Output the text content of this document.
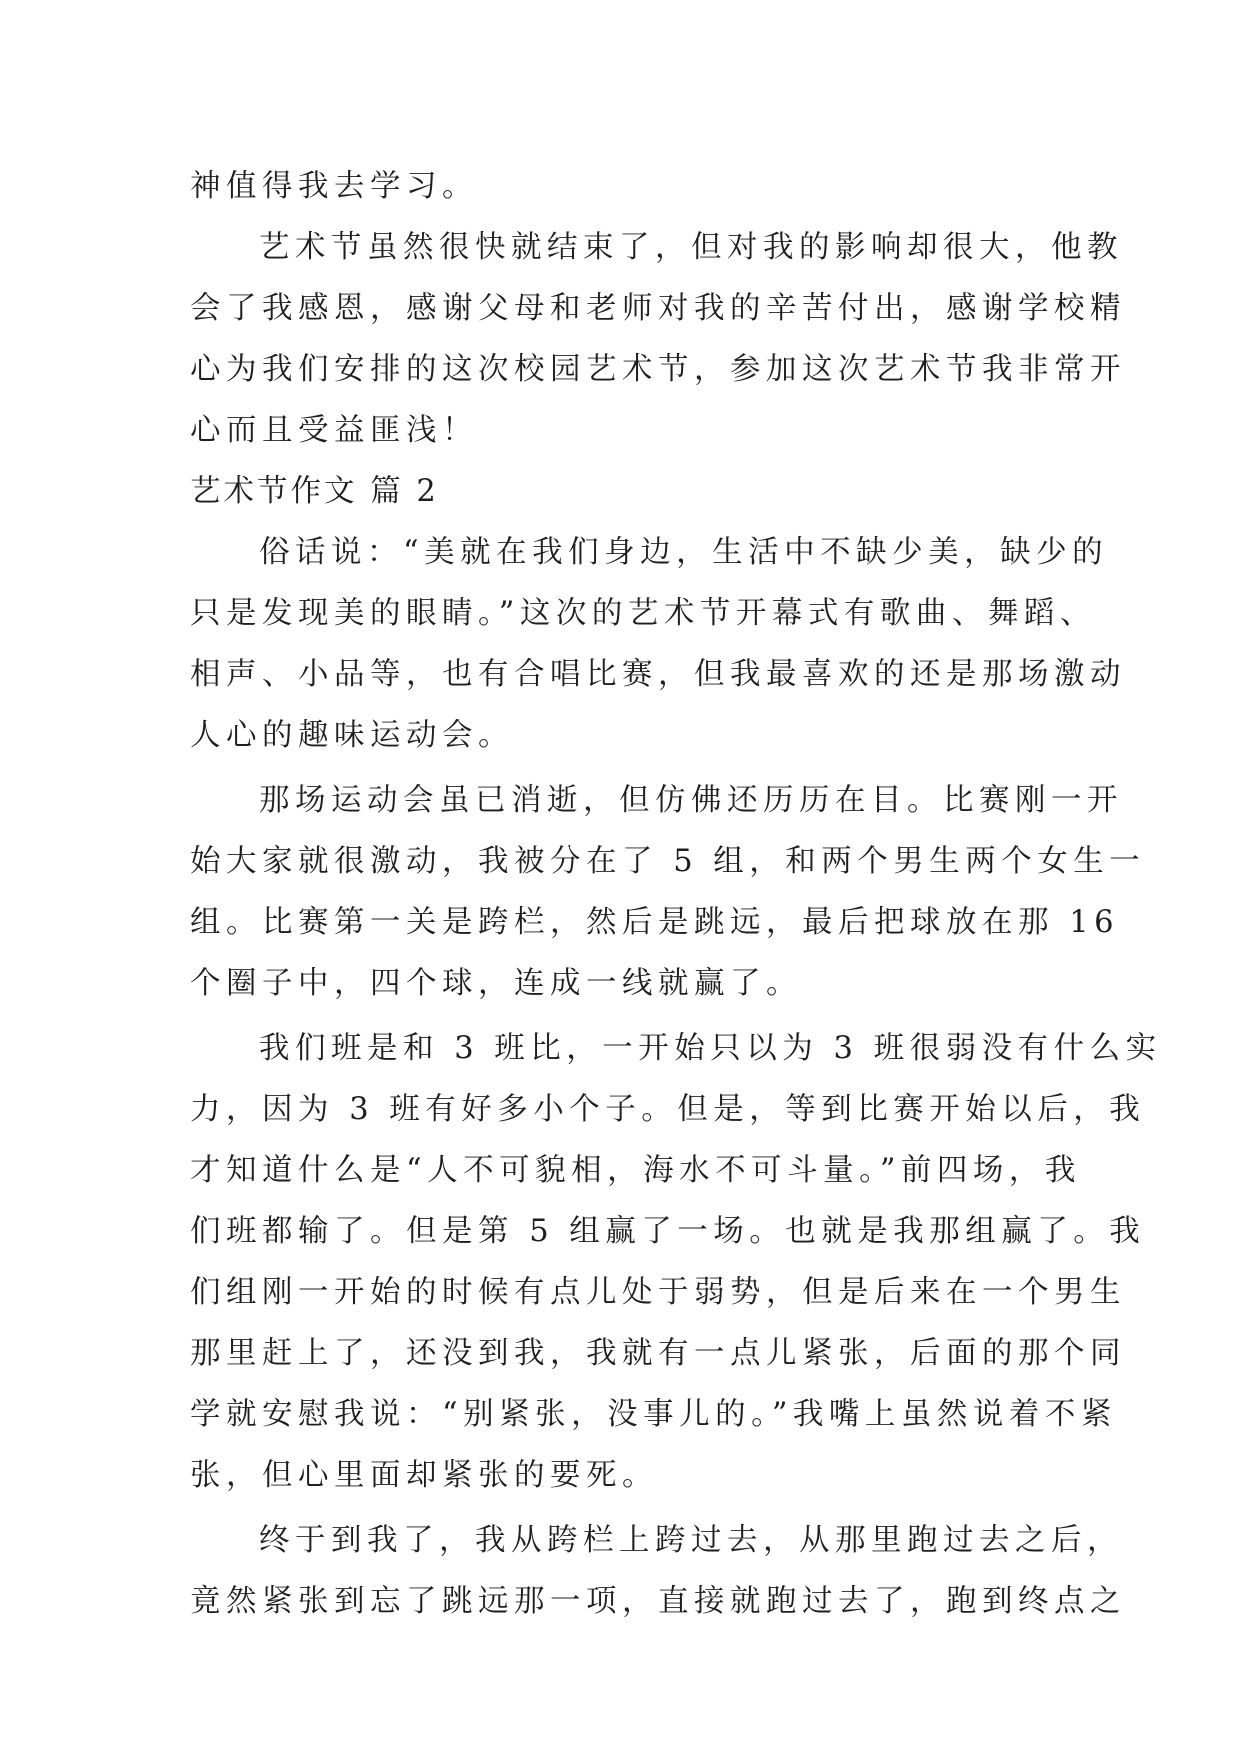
神值得我去学习。
艺术节虽然很快就结束了，但对我的影响却很大，他教
会了我感恩，感谢父母和老师对我的辛苦付出，感谢学校精
心为我们安排的这次校园艺术节，参加这次艺术节我非常开
心而且受益匪浅！
艺术节作文 篇 2
俗话说：“美就在我们身边，生活中不缺少美，缺少的
只是发现美的眼睛。”这次的艺术节开幕式有歌曲、舞蹈、
相声、小品等，也有合唱比赛，但我最喜欢的还是那场激动
人心的趣味运动会。
那场运动会虽已消逝，但仿佛还历历在目。比赛刚一开
始大家就很激动，我被分在了 5 组，和两个男生两个女生一
组。比赛第一关是跨栏，然后是跳远，最后把球放在那 16
个圈子中，四个球，连成一线就赢了。
我们班是和 3 班比，一开始只以为 3 班很弱没有什么实
力，因为 3 班有好多小个子。但是，等到比赛开始以后，我
才知道什么是“人不可貌相，海水不可斗量。”前四场，我
们班都输了。但是第 5 组赢了一场。也就是我那组赢了。我
们组刚一开始的时候有点儿处于弱势，但是后来在一个男生
那里赶上了，还没到我，我就有一点儿紧张，后面的那个同
学就安慰我说：“别紧张，没事儿的。”我嘴上虽然说着不紧
张，但心里面却紧张的要死。
终于到我了，我从跨栏上跨过去，从那里跑过去之后，
竟然紧张到忘了跳远那一项，直接就跑过去了，跑到终点之
